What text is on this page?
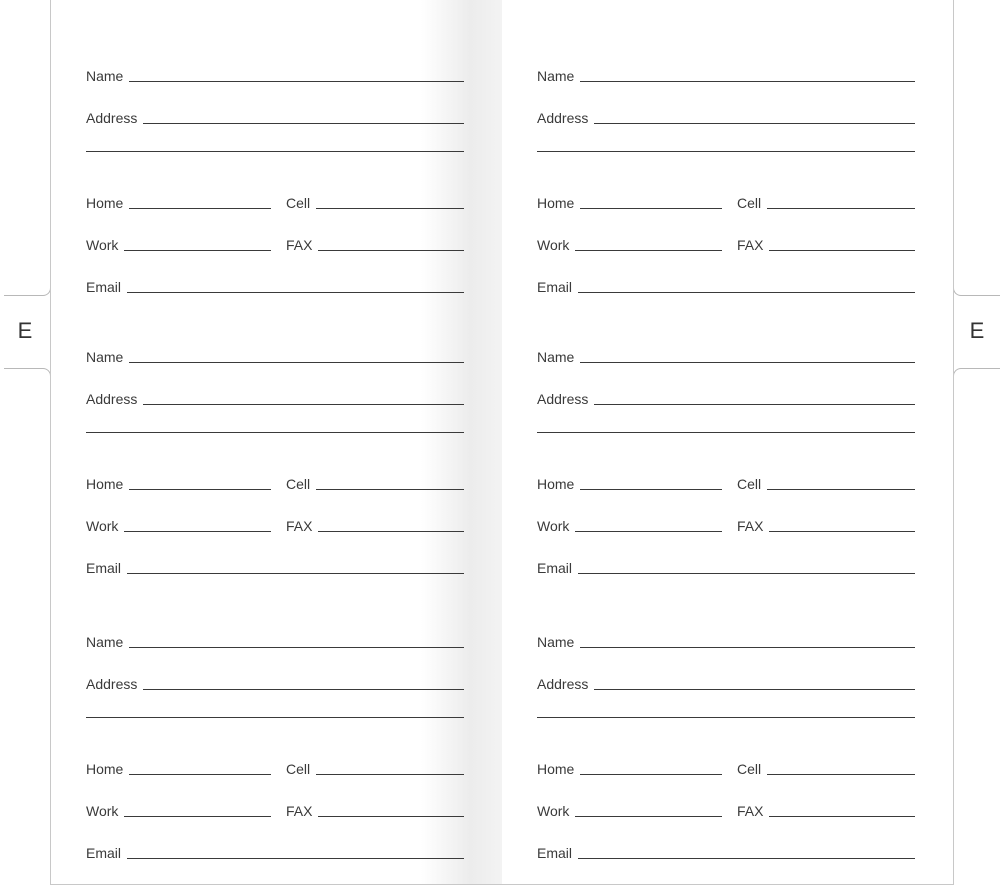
E	E
Name
Address
Home	Cell
Work	FAX
Email
Name
Address
Home	Cell
Work	FAX
Email
Name
Address
Home	Cell
Work	FAX
Email
Name
Address
Home	Cell
Work	FAX
Email
Name
Address
Home	Cell
Work	FAX
Email
Name
Address
Home	Cell
Work	FAX
Email
